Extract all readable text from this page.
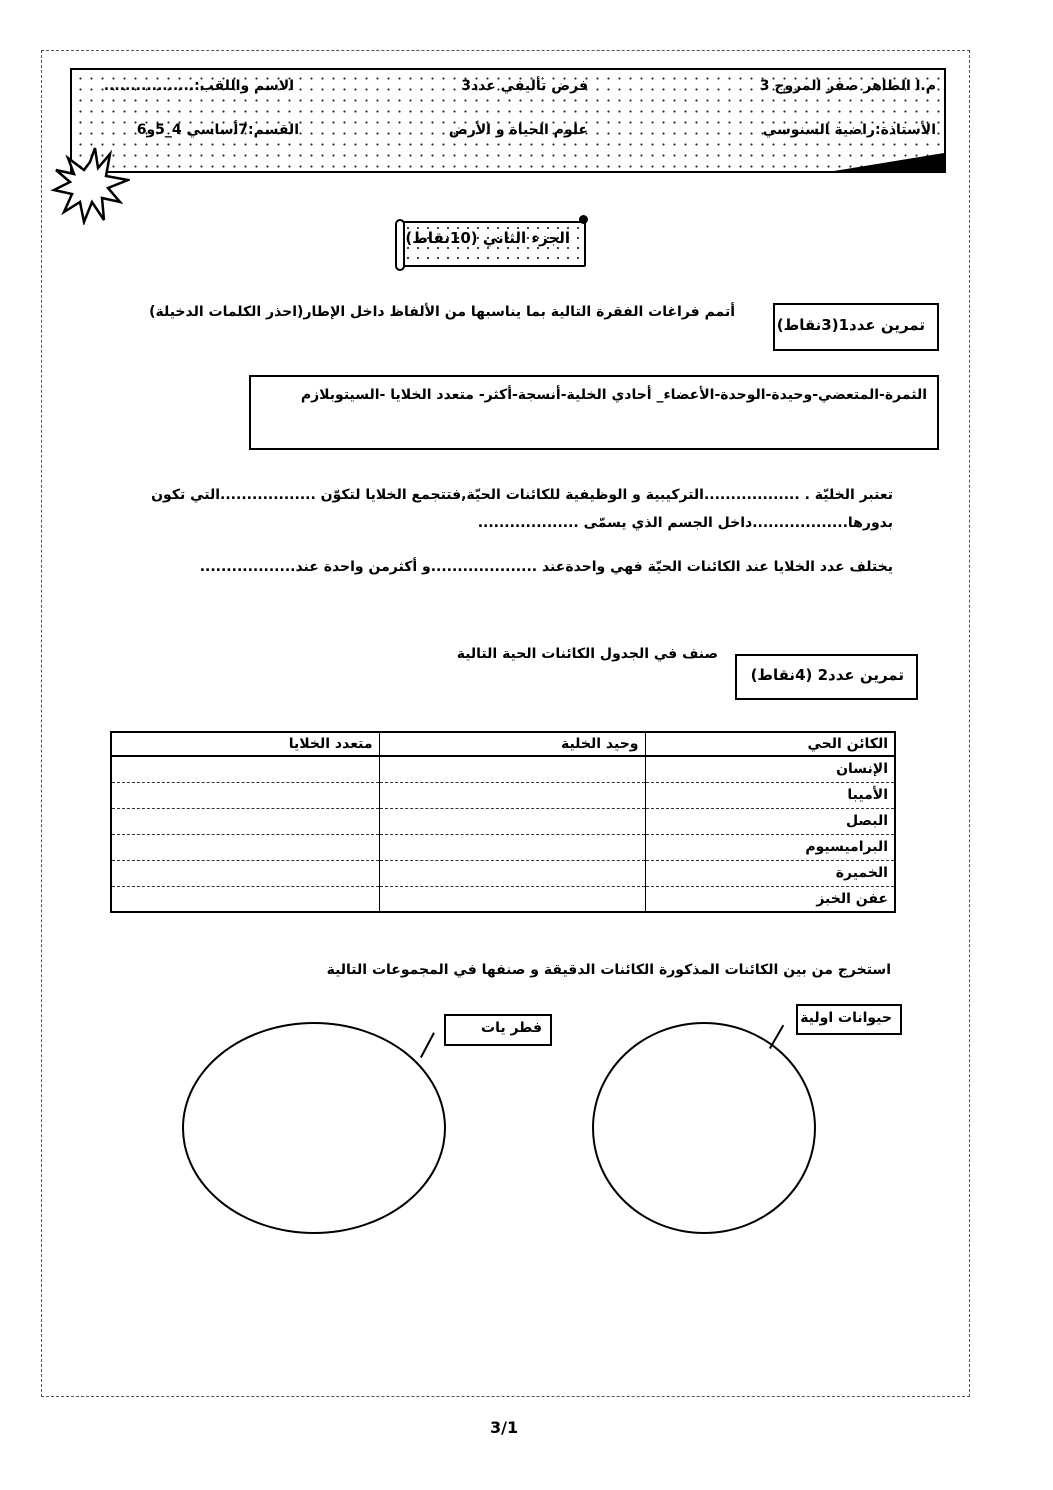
م.ا الطاهر صفر المروج 3
فرض تأليفي عدد3
الاسم واللقب:.................
الأستاذة:راضية السنوسي
علوم الحياة و الأرض
القسم:7أساسي 4_5و6
الجزء الثاني (10نقاط)
تمرين عدد1(3نقاط)
أتمم فراغات الفقرة التالية بما يناسبها من الألفاظ داخل الإطار(احذر الكلمات الدخيلة)
الثمرة-المتعضي-وحيدة-الوحدة-الأعضاء_ أحادي الخلية-أنسجة-أكثر- متعدد الخلايا -السيتوبلازم
تعتبر الخليّة . ..................التركيبية و الوظيفية للكائنات الحيّة,فتتجمع الخلايا لتكوّن ..................التي تكون
بدورها..................داخل الجسم الذي يسمّى ...................
يختلف عدد الخلايا عند الكائنات الحيّة فهي واحدةعند ....................و أكثرمن واحدة عند..................
تمرين عدد2 (4نقاط)
صنف في الجدول الكائنات الحية التالية
الكائن الحي	وحيد الخلية	متعدد الخلايا
الإنسان		
الأميبا		
البصل		
البراميسيوم		
الخميرة		
عفن الخبز		
استخرج من بين الكائنات المذكورة الكائنات الدقيقة و صنفها في المجموعات التالية
فطر يات
حيوانات اولية
3/1
